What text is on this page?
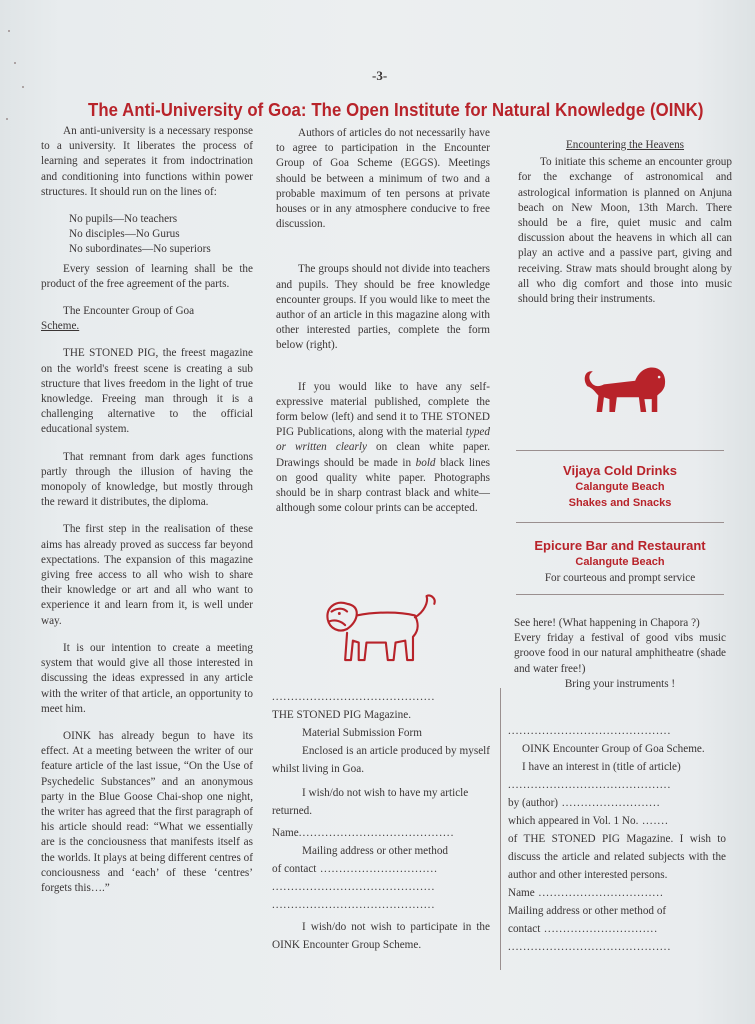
-3-
The Anti-University of Goa: The Open Institute for Natural Knowledge (OINK)

An anti-university is a necessary response to a university. It liberates the process of learning and seperates it from indoctrination and conditioning into functions within power structures. It should run on the lines of:

No pupils—No teachers
No disciples—No Gurus
No subordinates—No superiors

Every session of learning shall be the product of the free agreement of the parts.

The Encounter Group of Goa
Scheme.

THE STONED PIG, the freest magazine on the world's freest scene is creating a sub structure that lives freedom in the light of true knowledge. Freeing man through it is a challenging alternative to the official educational system.

That remnant from dark ages functions partly through the illusion of having the monopoly of knowledge, but mostly through the reward it distributes, the diploma.

The first step in the realisation of these aims has already proved as success far beyond expectations. The expansion of this magazine giving free access to all who wish to share their knowledge or art and all who want to experience it and learn from it, is well under way.

It is our intention to create a meeting system that would give all those interested in discussing the ideas expressed in any article with the writer of that article, an opportunity to meet him.

OINK has already begun to have its effect. At a meeting between the writer of our feature article of the last issue, “On the Use of Psychedelic Substances” and an anonymous party in the Blue Goose Chai-shop one night, the writer has agreed that the first paragraph of his article should read: “What we essentially are is the conciousness that manifests itself as the worlds. It plays at being different centres of conciousness and ‘each’ of these ‘centres’ forgets this….”

Authors of articles do not necessarily have to agree to participation in the Encounter Group of Goa Scheme (EGGS). Meetings should be between a minimum of two and a probable maximum of ten persons at private houses or in any atmosphere conducive to free discussion.

The groups should not divide into teachers and pupils. They should be free knowledge encounter groups. If you would like to meet the author of an article in this magazine along with other interested parties, complete the form below (right).

If you would like to have any self-expressive material published, complete the form below (left) and send it to THE STONED PIG Publications, along with the material typed or written clearly on clean white paper. Drawings should be made in bold black lines on good quality white paper. Photographs should be in sharp contrast black and white—although some colour prints can be accepted.

Encountering the Heavens

To initiate this scheme an encounter group for the exchange of astronomical and astrological information is planned on Anjuna beach on New Moon, 13th March. There should be a fire, quiet music and calm discussion about the heavens in which all can play an active and a passive part, giving and receiving. Straw mats should brought along by all who dig comfort and those into music should bring their instruments.

Vijaya Cold Drinks
Calangute Beach
Shakes and Snacks
Epicure Bar and Restaurant
Calangute Beach
For courteous and prompt service

See here! (What happening in Chapora ?)

Every friday a festival of good vibs music groove food in our natural amphitheatre (shade and water free!)

Bring your instruments !

...........................................
THE STONED PIG Magazine.
Material Submission Form
Enclosed is an article produced by myself whilst living in Goa.
I wish/do not wish to have my article returned.
Name.........................................
Mailing address or other method
of contact ...............................
...........................................
...........................................
I wish/do not wish to participate in the OINK Encounter Group Scheme.
...........................................
OINK Encounter Group of Goa Scheme.
I have an interest in (title of article)
...........................................
by (author) ..........................
which appeared in Vol. 1 No. .......
of THE STONED PIG Magazine. I wish to discuss the article and related subjects with the author and other interested persons.
Name .................................
Mailing address or other method of
contact ..............................
...........................................
